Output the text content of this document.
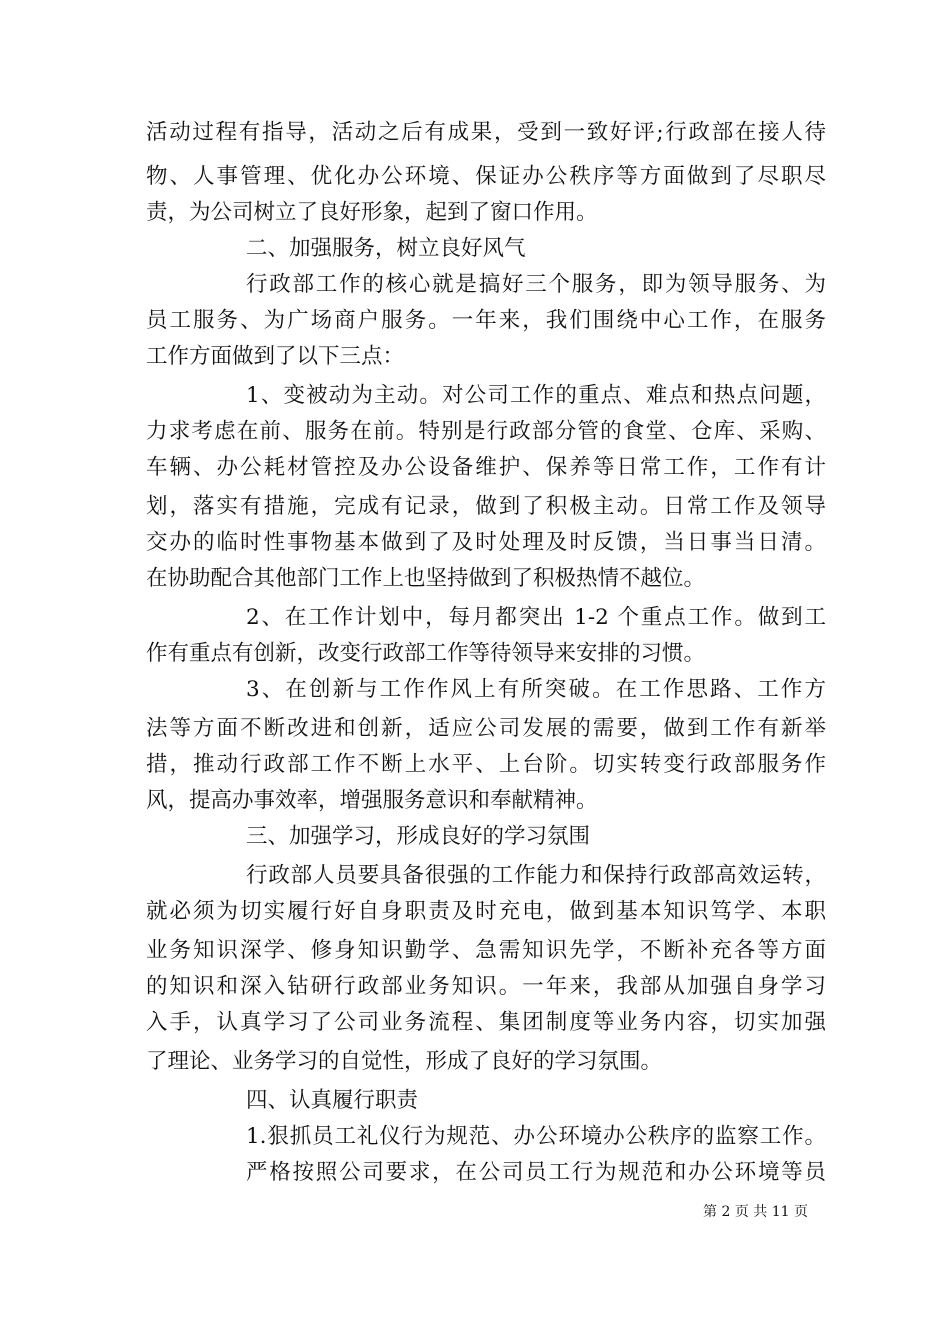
活动过程有指导，活动之后有成果，受到一致好评;行政部在接人待
物、人事管理、优化办公环境、保证办公秩序等方面做到了尽职尽
责，为公司树立了良好形象，起到了窗口作用。
二、加强服务，树立良好风气
行政部工作的核心就是搞好三个服务，即为领导服务、为
员工服务、为广场商户服务。一年来，我们围绕中心工作，在服务
工作方面做到了以下三点：
1、变被动为主动。对公司工作的重点、难点和热点问题，
力求考虑在前、服务在前。特别是行政部分管的食堂、仓库、采购、
车辆、办公耗材管控及办公设备维护、保养等日常工作，工作有计
划，落实有措施，完成有记录，做到了积极主动。日常工作及领导
交办的临时性事物基本做到了及时处理及时反馈，当日事当日清。
在协助配合其他部门工作上也坚持做到了积极热情不越位。
2、在工作计划中，每月都突出 1-2 个重点工作。做到工
作有重点有创新，改变行政部工作等待领导来安排的习惯。
3、在创新与工作作风上有所突破。在工作思路、工作方
法等方面不断改进和创新，适应公司发展的需要，做到工作有新举
措，推动行政部工作不断上水平、上台阶。切实转变行政部服务作
风，提高办事效率，增强服务意识和奉献精神。
三、加强学习，形成良好的学习氛围
行政部人员要具备很强的工作能力和保持行政部高效运转，
就必须为切实履行好自身职责及时充电，做到基本知识笃学、本职
业务知识深学、修身知识勤学、急需知识先学，不断补充各等方面
的知识和深入钻研行政部业务知识。一年来，我部从加强自身学习
入手，认真学习了公司业务流程、集团制度等业务内容，切实加强
了理论、业务学习的自觉性，形成了良好的学习氛围。
四、认真履行职责
1.狠抓员工礼仪行为规范、办公环境办公秩序的监察工作。
严格按照公司要求，在公司员工行为规范和办公环境等员
第 2 页 共 11 页
